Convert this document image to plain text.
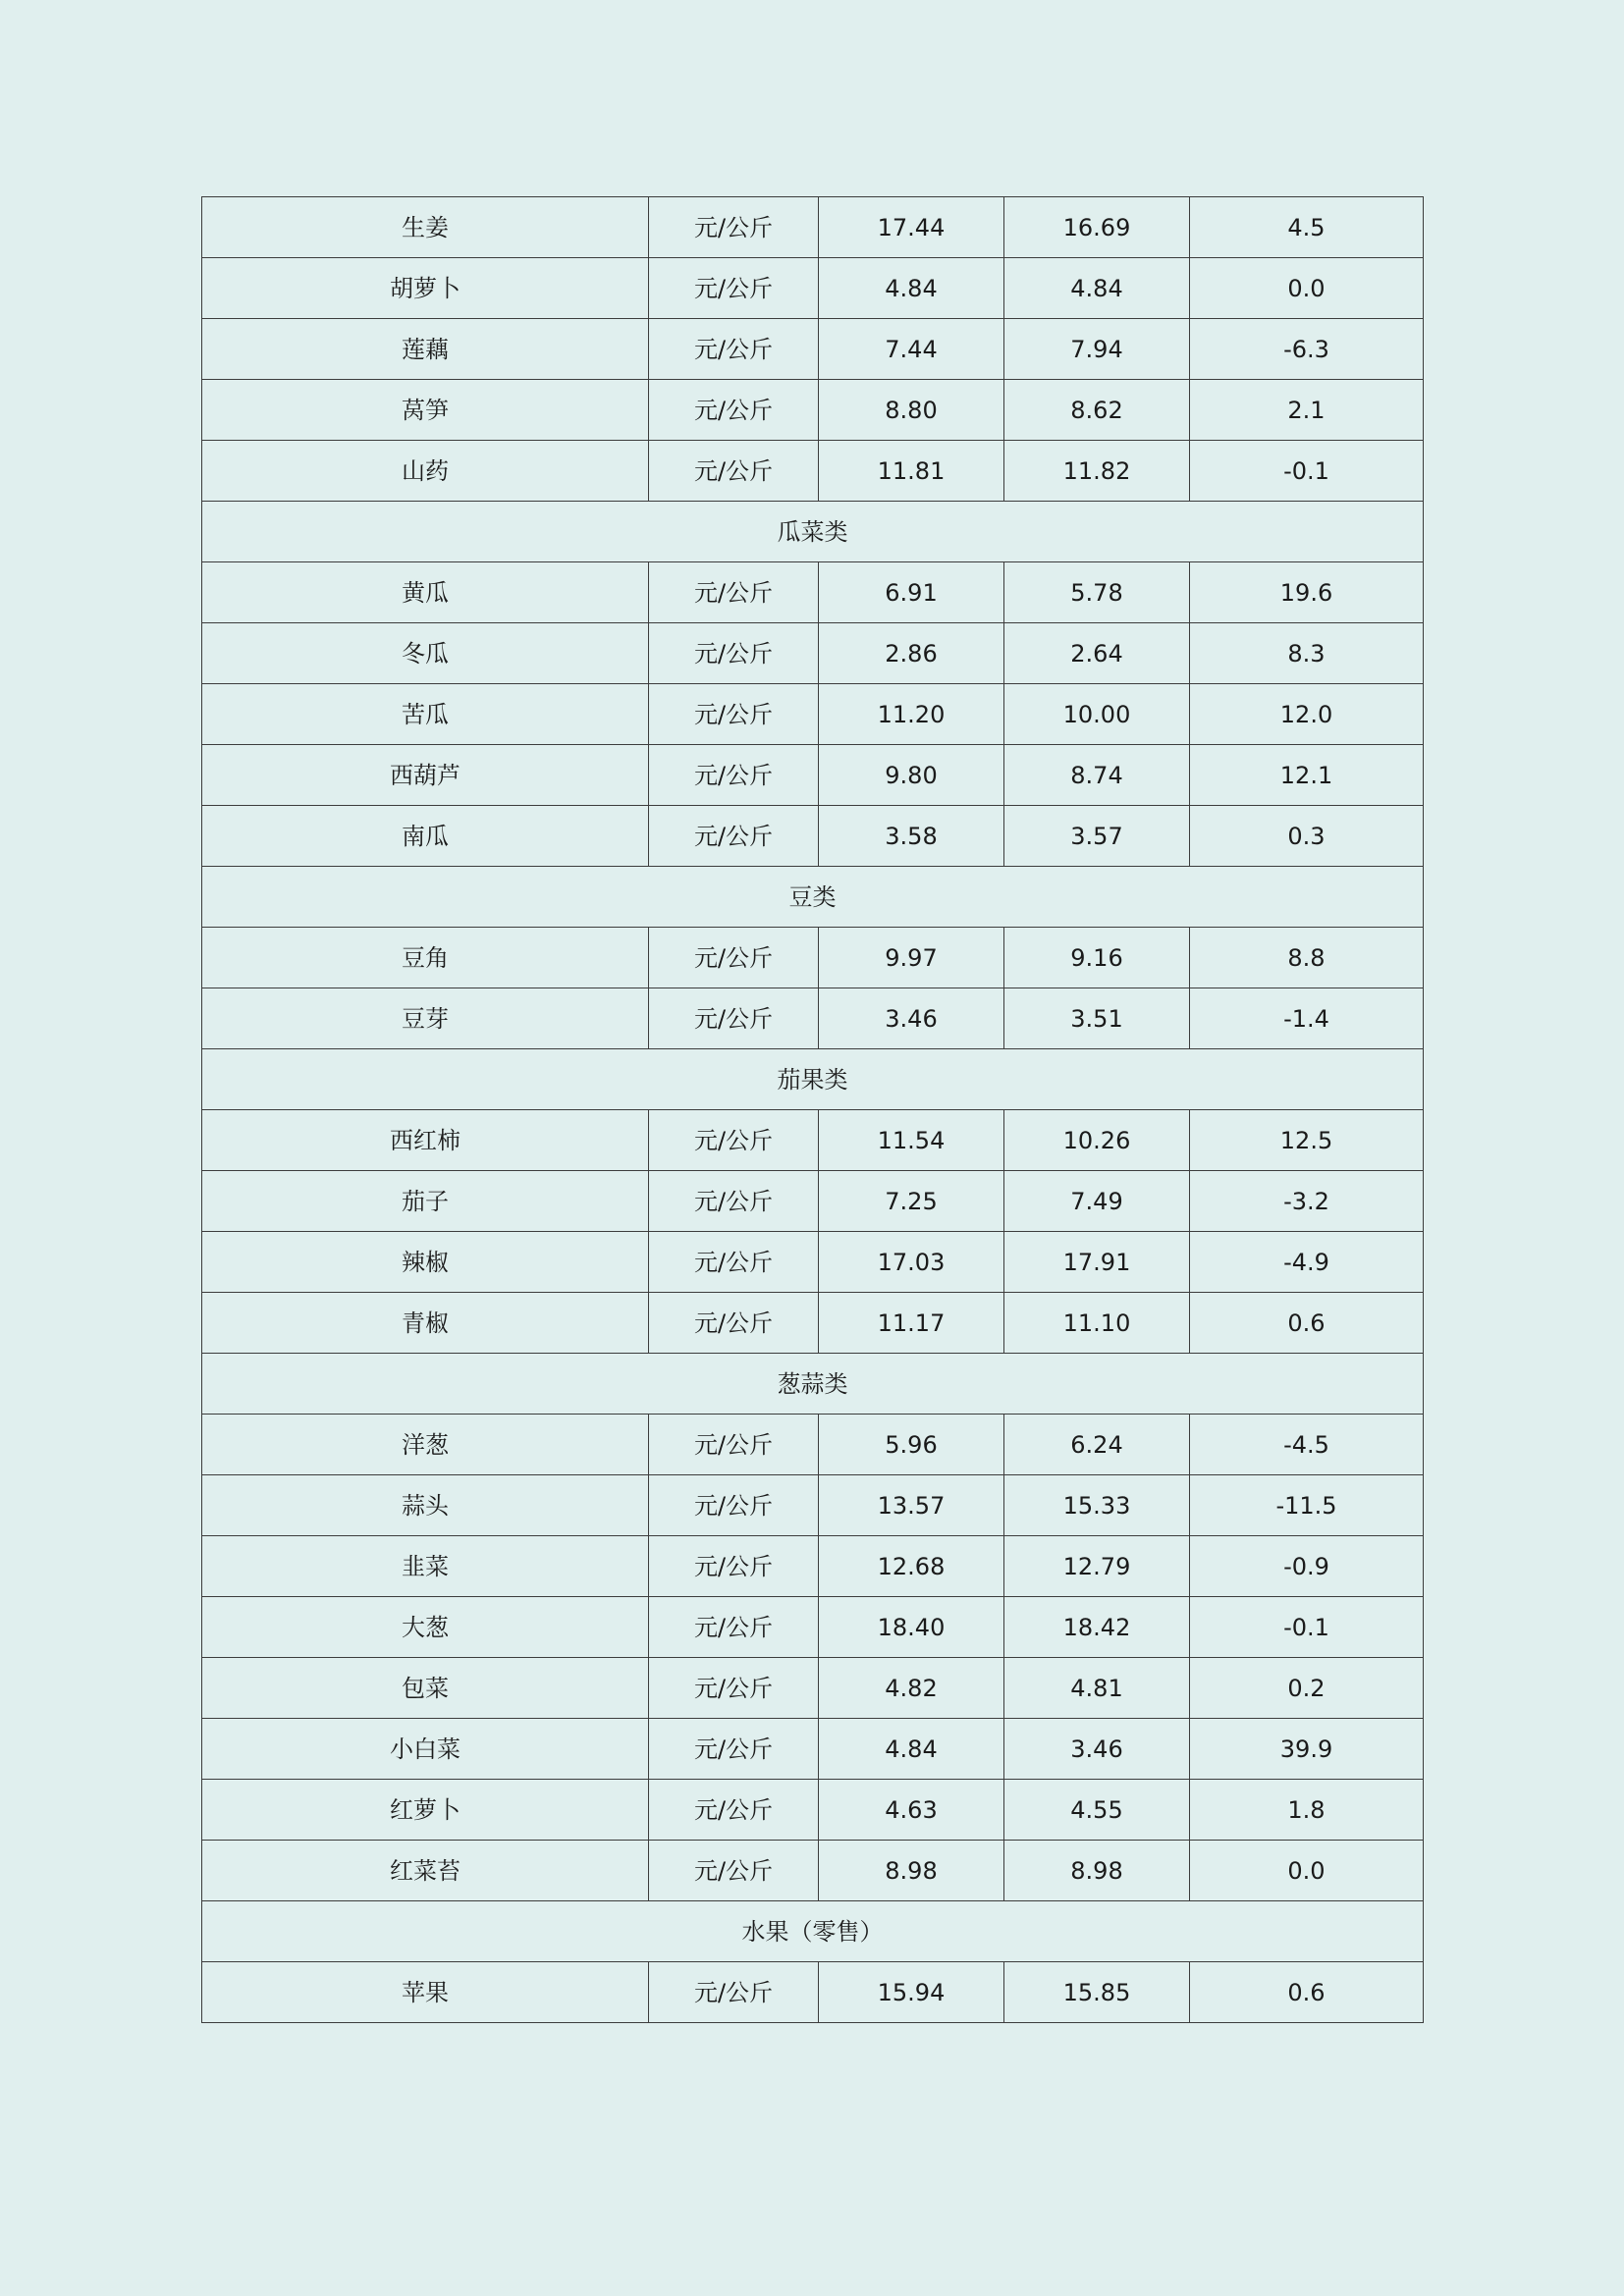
生姜	元/公斤	17.44	16.69	4.5
胡萝卜	元/公斤	4.84	4.84	0.0
莲藕	元/公斤	7.44	7.94	-6.3
莴笋	元/公斤	8.80	8.62	2.1
山药	元/公斤	11.81	11.82	-0.1
瓜菜类				
黄瓜	元/公斤	6.91	5.78	19.6
冬瓜	元/公斤	2.86	2.64	8.3
苦瓜	元/公斤	11.20	10.00	12.0
西葫芦	元/公斤	9.80	8.74	12.1
南瓜	元/公斤	3.58	3.57	0.3
豆类				
豆角	元/公斤	9.97	9.16	8.8
豆芽	元/公斤	3.46	3.51	-1.4
茄果类				
西红柿	元/公斤	11.54	10.26	12.5
茄子	元/公斤	7.25	7.49	-3.2
辣椒	元/公斤	17.03	17.91	-4.9
青椒	元/公斤	11.17	11.10	0.6
葱蒜类				
洋葱	元/公斤	5.96	6.24	-4.5
蒜头	元/公斤	13.57	15.33	-11.5
韭菜	元/公斤	12.68	12.79	-0.9
大葱	元/公斤	18.40	18.42	-0.1
包菜	元/公斤	4.82	4.81	0.2
小白菜	元/公斤	4.84	3.46	39.9
红萝卜	元/公斤	4.63	4.55	1.8
红菜苔	元/公斤	8.98	8.98	0.0
水果（零售）				
苹果	元/公斤	15.94	15.85	0.6
